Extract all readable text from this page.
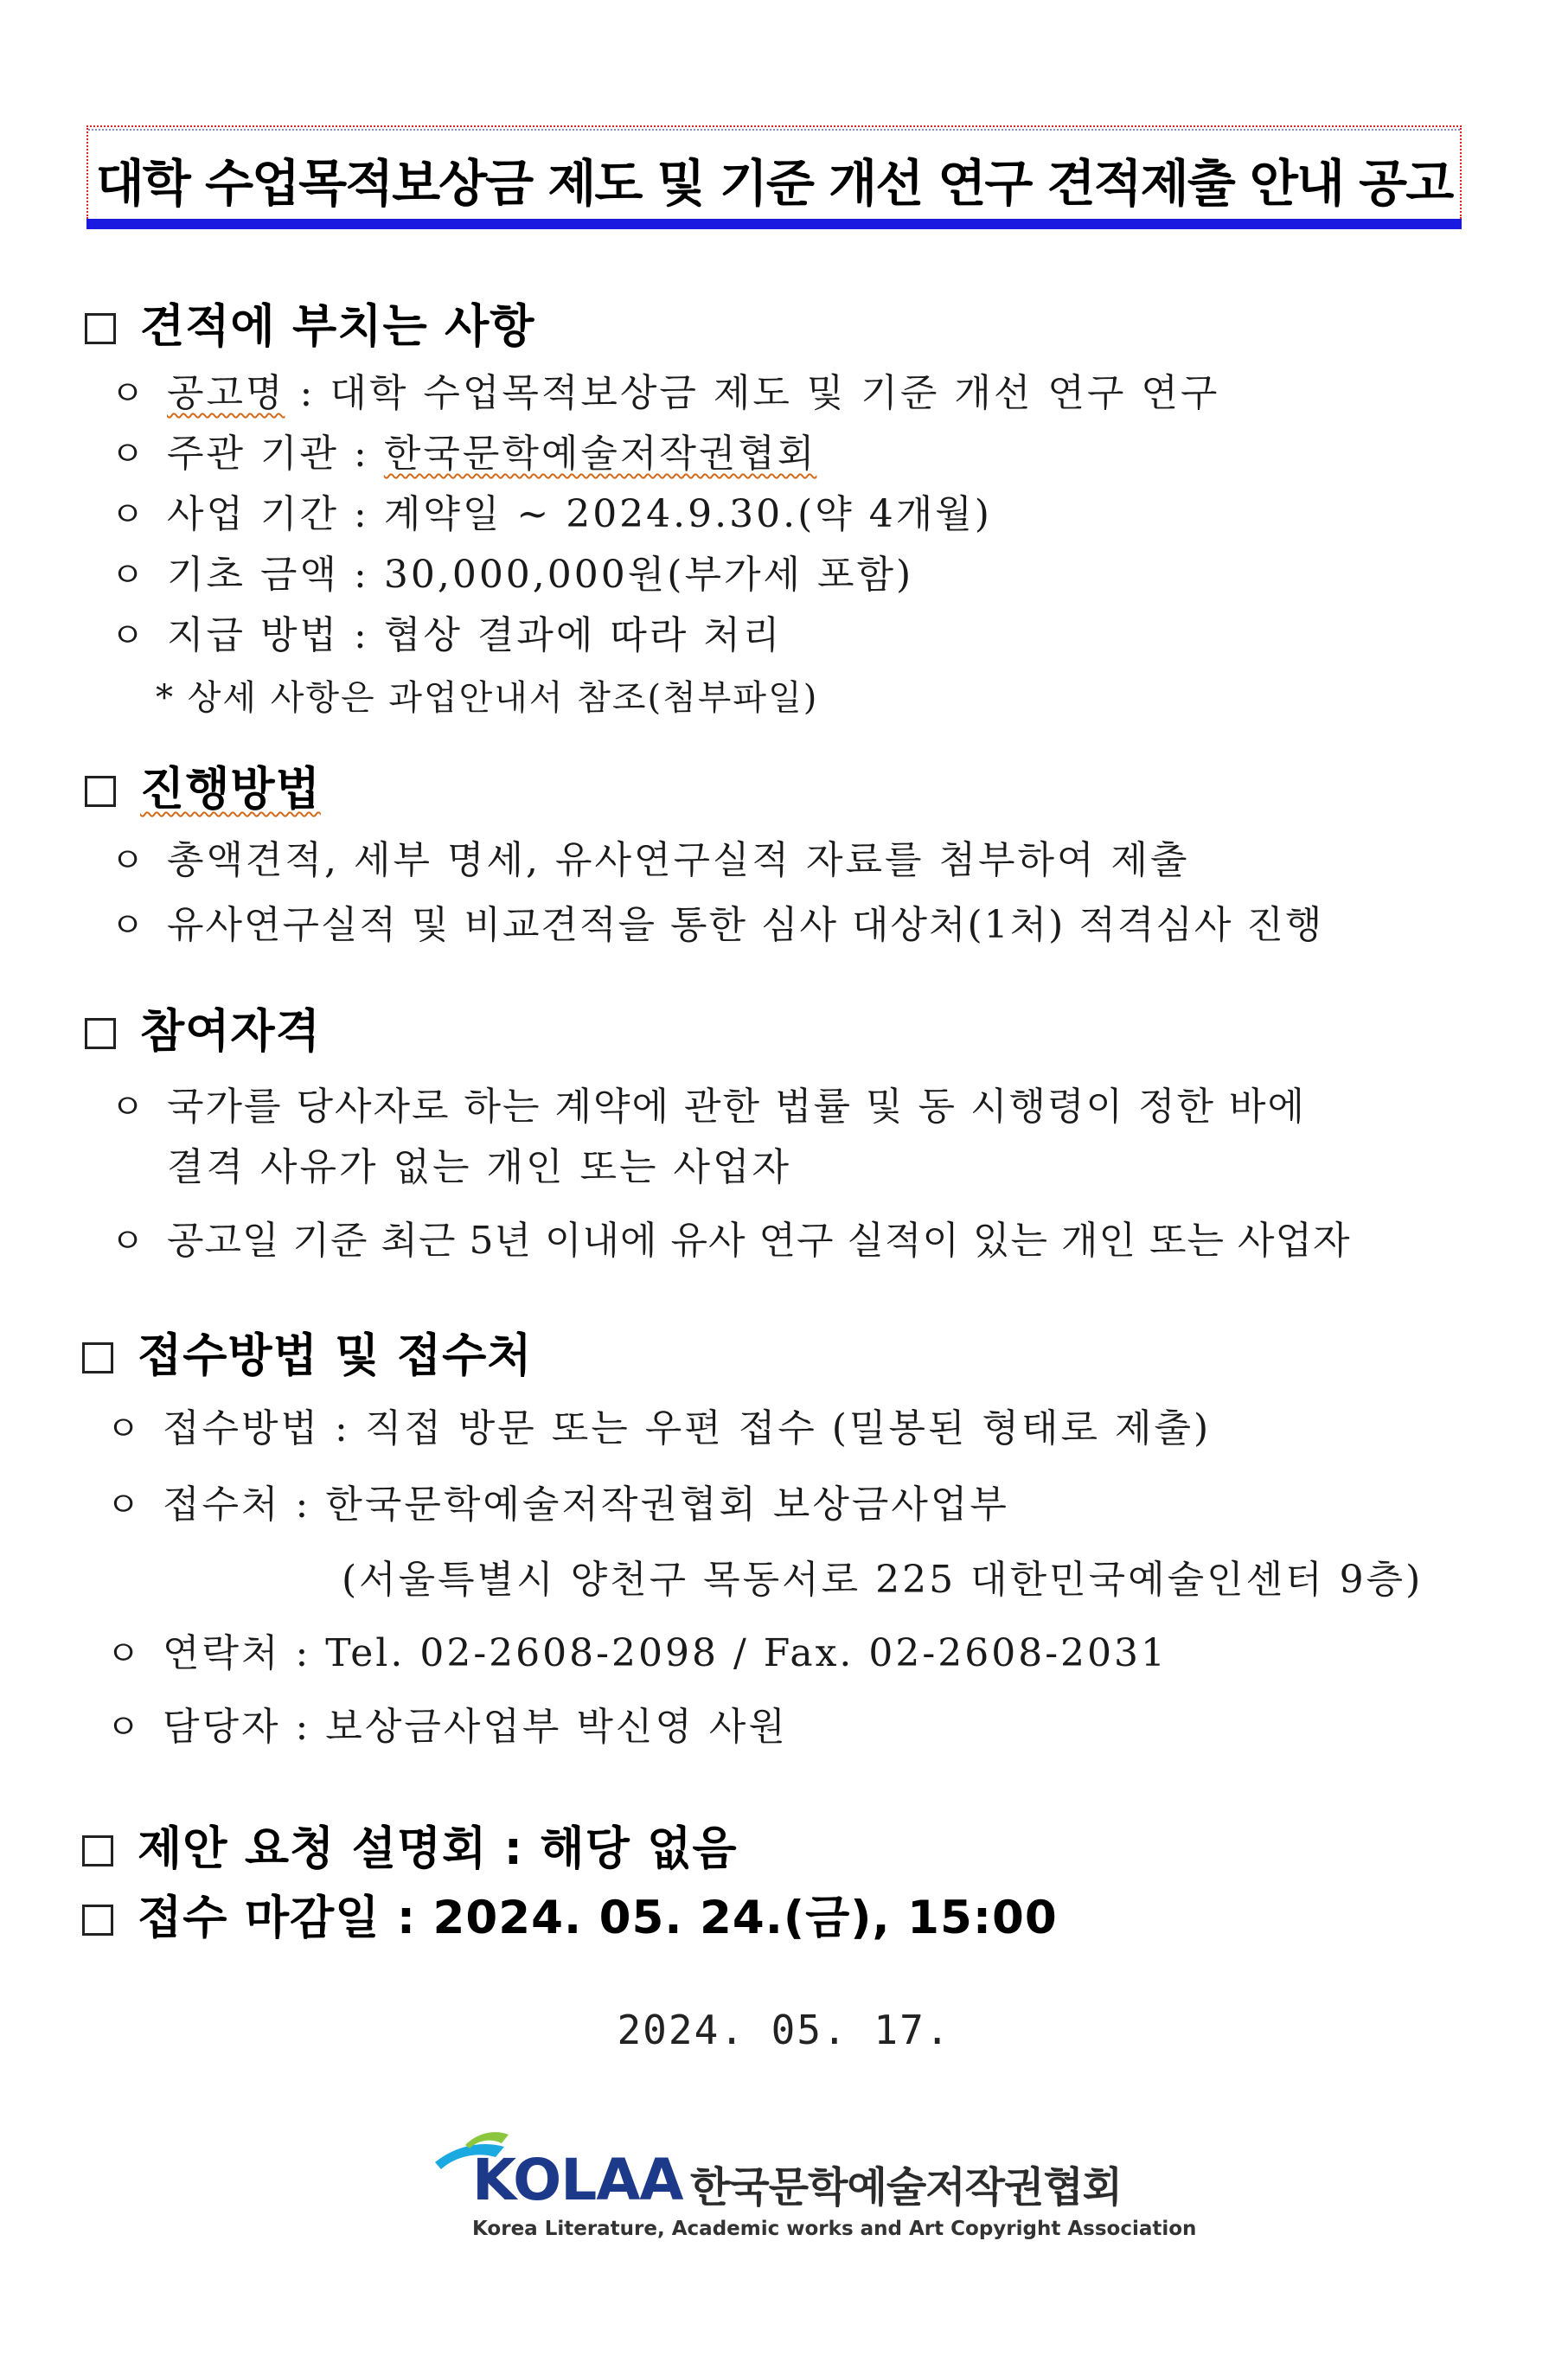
대학 수업목적보상금 제도 및 기준 개선 연구 견적제출 안내 공고
견적에 부치는 사항
ㅇ 공고명 : 대학 수업목적보상금 제도 및 기준 개선 연구 연구
ㅇ 주관 기관 : 한국문학예술저작권협회
ㅇ 사업 기간 : 계약일 ~ 2024.9.30.(약 4개월)
ㅇ 기초 금액 : 30,000,000원(부가세 포함)
ㅇ 지급 방법 : 협상 결과에 따라 처리
* 상세 사항은 과업안내서 참조(첨부파일)
진행방법
ㅇ 총액견적, 세부 명세, 유사연구실적 자료를 첨부하여 제출
ㅇ 유사연구실적 및 비교견적을 통한 심사 대상처(1처) 적격심사 진행
참여자격
ㅇ 국가를 당사자로 하는 계약에 관한 법률 및 동 시행령이 정한 바에
결격 사유가 없는 개인 또는 사업자
ㅇ 공고일 기준 최근 5년 이내에 유사 연구 실적이 있는 개인 또는 사업자
접수방법 및 접수처
ㅇ 접수방법 : 직접 방문 또는 우편 접수 (밀봉된 형태로 제출)
ㅇ 접수처 : 한국문학예술저작권협회 보상금사업부
(서울특별시 양천구 목동서로 225 대한민국예술인센터 9층)
ㅇ 연락처 : Tel. 02-2608-2098 / Fax. 02-2608-2031
ㅇ 담당자 : 보상금사업부 박신영 사원
제안 요청 설명회 : 해당 없음
접수 마감일 : 2024. 05. 24.(금), 15:00
2024. 05. 17.
KOLAA 한국문학예술저작권협회
Korea Literature, Academic works and Art Copyright Association
